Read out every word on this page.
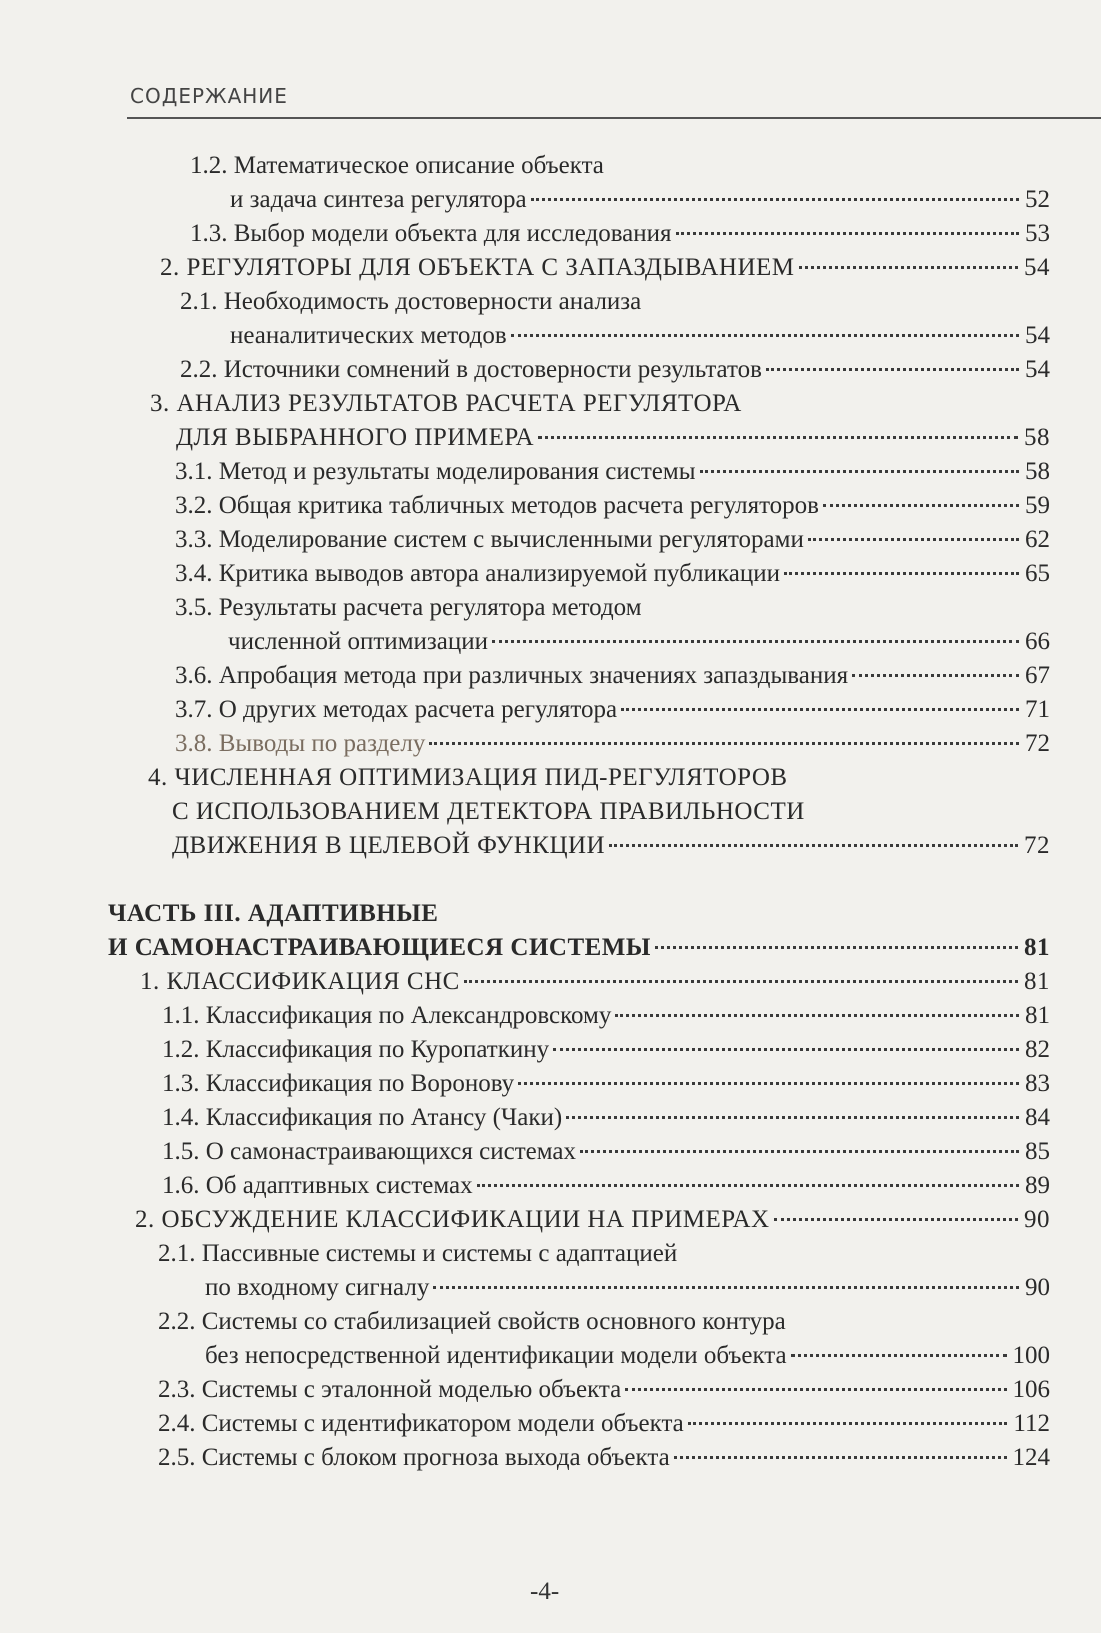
СОДЕРЖАНИЕ
1.2.
Математическое описание объекта
и задача синтеза регулятора	52
1.3.
Выбор модели объекта для исследования	53
2.
РЕГУЛЯТОРЫ ДЛЯ ОБЪЕКТА С ЗАПАЗДЫВАНИЕМ	54
2.1.
Необходимость достоверности анализа
неаналитических методов	54
2.2.
Источники сомнений в достоверности результатов	54
3.
АНАЛИЗ РЕЗУЛЬТАТОВ РАСЧЕТА РЕГУЛЯТОРА
ДЛЯ ВЫБРАННОГО ПРИМЕРА	58
3.1.
Метод и результаты моделирования системы	58
3.2.
Общая критика табличных методов расчета регуляторов	59
3.3.
Моделирование систем с вычисленными регуляторами	62
3.4.
Критика выводов автора анализируемой публикации	65
3.5.
Результаты расчета регулятора методом
численной оптимизации	66
3.6.
Апробация метода при различных значениях запаздывания	67
3.7.
О других методах расчета регулятора	71
3.8.
Выводы по разделу	72
4.
ЧИСЛЕННАЯ ОПТИМИЗАЦИЯ ПИД-РЕГУЛЯТОРОВ
С ИСПОЛЬЗОВАНИЕМ ДЕТЕКТОРА ПРАВИЛЬНОСТИ
ДВИЖЕНИЯ В ЦЕЛЕВОЙ ФУНКЦИИ	72
ЧАСТЬ III. АДАПТИВНЫЕ
И САМОНАСТРАИВАЮЩИЕСЯ СИСТЕМЫ	81
1.
КЛАССИФИКАЦИЯ СНС	81
1.1.
Классификация по Александровскому	81
1.2.
Классификация по Куропаткину	82
1.3.
Классификация по Воронову	83
1.4.
Классификация по Атансу (Чаки)	84
1.5.
О самонастраивающихся системах	85
1.6.
Об адаптивных системах	89
2.
ОБСУЖДЕНИЕ КЛАССИФИКАЦИИ НА ПРИМЕРАХ	90
2.1.
Пассивные системы и системы с адаптацией
по входному сигналу	90
2.2.
Системы со стабилизацией свойств основного контура
без непосредственной идентификации модели объекта	100
2.3.
Системы с эталонной моделью объекта	106
2.4.
Системы с идентификатором модели объекта	112
2.5.
Системы с блоком прогноза выхода объекта	124
-4-
